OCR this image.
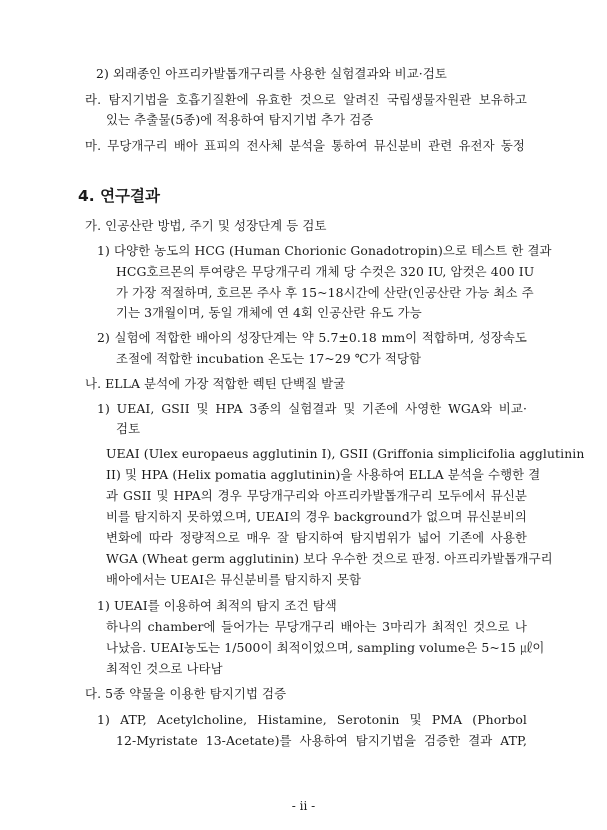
2) 외래종인 아프리카발톱개구리를 사용한 실험결과와 비교·검토
라. 탐지기법을 호흡기질환에 유효한 것으로 알려진 국립생물자원관 보유하고
있는 추출물(5종)에 적용하여 탐지기법 추가 검증
마. 무당개구리 배아 표피의 전사체 분석을 통하여 뮤신분비 관련 유전자 동정
4. 연구결과
가. 인공산란 방법, 주기 및 성장단계 등 검토
1) 다양한 농도의 HCG (Human Chorionic Gonadotropin)으로 테스트 한 결과
HCG호르몬의 투여량은 무당개구리 개체 당 수컷은 320 IU, 암컷은 400 IU
가 가장 적절하며, 호르몬 주사 후 15~18시간에 산란(인공산란 가능 최소 주
기는 3개월이며, 동일 개체에 연 4회 인공산란 유도 가능
2) 실험에 적합한 배아의 성장단계는 약 5.7±0.18 mm이 적합하며, 성장속도
조절에 적합한 incubation 온도는 17~29 ℃가 적당함
나. ELLA 분석에 가장 적합한 렉틴 단백질 발굴
1) UEAI, GSII 및 HPA 3종의 실험결과 및 기존에 사영한 WGA와 비교·
검토
UEAI (Ulex europaeus agglutinin I), GSII (Griffonia simplicifolia agglutinin
II) 및 HPA (Helix pomatia agglutinin)을 사용하여 ELLA 분석을 수행한 결
과 GSII 및 HPA의 경우 무당개구리와 아프리카발톱개구리 모두에서 뮤신분
비를 탐지하지 못하였으며, UEAI의 경우 background가 없으며 뮤신분비의
변화에 따라 정량적으로 매우 잘 탐지하여 탐지범위가 넓어 기존에 사용한
WGA (Wheat germ agglutinin) 보다 우수한 것으로 판정. 아프리카발톱개구리
배아에서는 UEAI은 뮤신분비를 탐지하지 못함
1) UEAI를 이용하여 최적의 탐지 조건 탐색
하나의 chamber에 들어가는 무당개구리 배아는 3마리가 최적인 것으로 나
나났음. UEAI농도는 1/500이 최적이었으며, sampling volume은 5~15 ㎕이
최적인 것으로 나타남
다. 5종 약물을 이용한 탐지기법 검증
1) ATP, Acetylcholine, Histamine, Serotonin 및 PMA (Phorbol
12-Myristate 13-Acetate)를 사용하여 탐지기법을 검증한 결과 ATP,
- ii -
